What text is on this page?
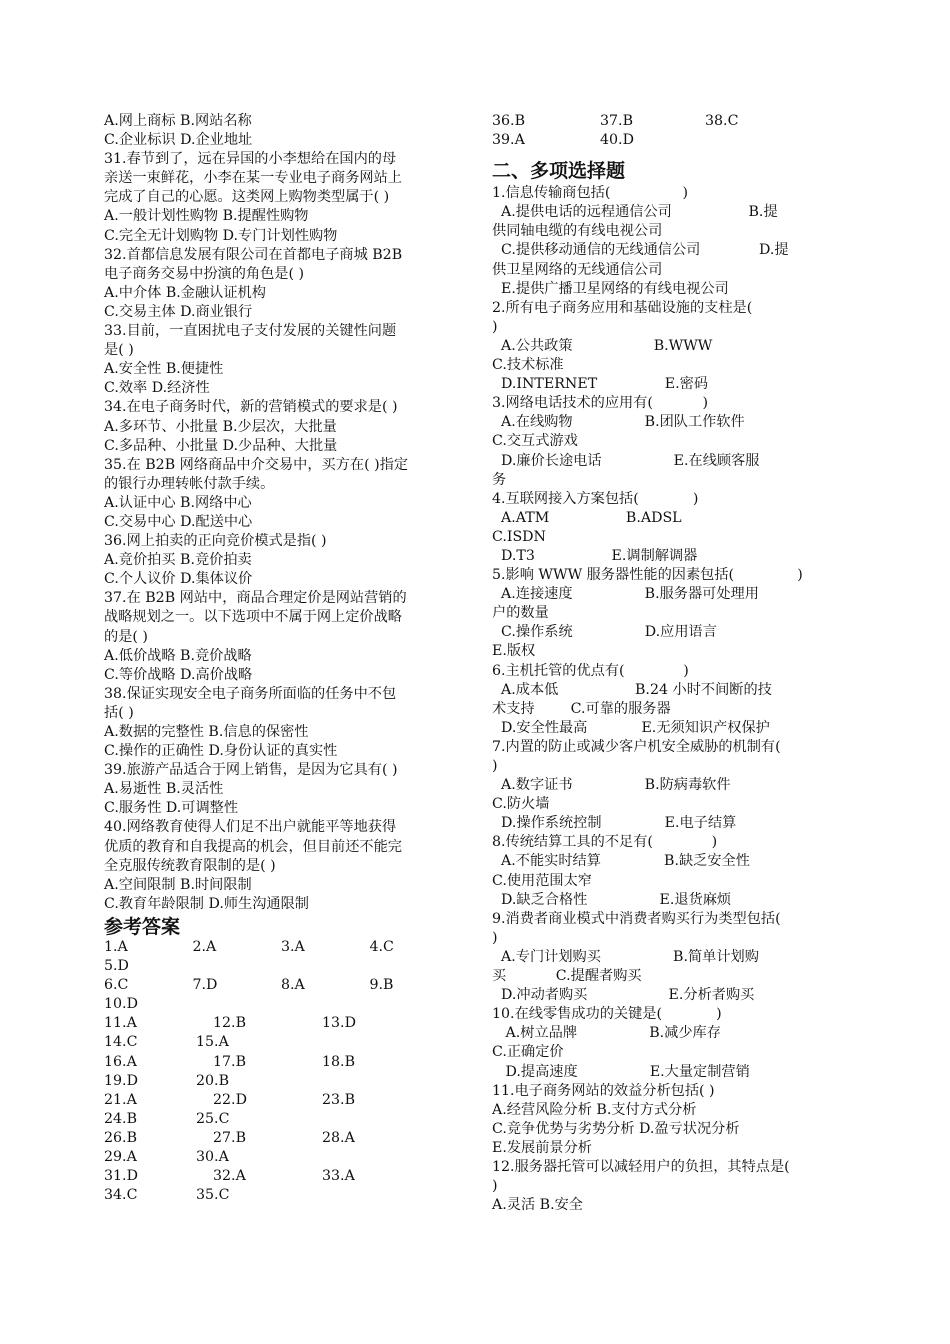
A.网上商标 B.网站名称
C.企业标识 D.企业地址
31.春节到了，远在异国的小李想给在国内的母
亲送一束鲜花，小李在某一专业电子商务网站上
完成了自己的心愿。这类网上购物类型属于( )
A.一般计划性购物 B.提醒性购物
C.完全无计划购物 D.专门计划性购物
32.首都信息发展有限公司在首都电子商城 B2B
电子商务交易中扮演的角色是( )
A.中介体 B.金融认证机构
C.交易主体 D.商业银行
33.目前，一直困扰电子支付发展的关键性问题
是( )
A.安全性 B.便捷性
C.效率 D.经济性
34.在电子商务时代，新的营销模式的要求是( )
A.多环节、小批量 B.少层次，大批量
C.多品种、小批量 D.少品种、大批量
35.在 B2B 网络商品中介交易中，买方在( )指定
的银行办理转帐付款手续。
A.认证中心 B.网络中心
C.交易中心 D.配送中心
36.网上拍卖的正向竞价模式是指( )
A.竞价拍买 B.竞价拍卖
C.个人议价 D.集体议价
37.在 B2B 网站中，商品合理定价是网站营销的
战略规划之一。以下选项中不属于网上定价战略
的是( )
A.低价战略 B.竞价战略
C.等价战略 D.高价战略
38.保证实现安全电子商务所面临的任务中不包
括( )
A.数据的完整性 B.信息的保密性
C.操作的正确性 D.身份认证的真实性
39.旅游产品适合于网上销售，是因为它具有( )
A.易逝性 B.灵活性
C.服务性 D.可调整性
40.网络教育使得人们足不出户就能平等地获得
优质的教育和自我提高的机会，但目前还不能完
全克服传统教育限制的是( )
A.空间限制 B.时间限制
C.教育年龄限制 D.师生沟通限制
参考答案
1.A	2.A	3.A	4.C
5.D
6.C	7.D	8.A	9.B
10.D
11.A	12.B	13.D
14.C	15.A
16.A	17.B	18.B
19.D	20.B
21.A	22.D	23.B
24.B	25.C
26.B	27.B	28.A
29.A	30.A
31.D	32.A	33.A
34.C	35.C
36.B	37.B	38.C
39.A	40.D
二、多项选择题
1.信息传输商包括(                )
A.提供电话的远程通信公司                 B.提
供同轴电缆的有线电视公司
C.提供移动通信的无线通信公司             D.提
供卫星网络的无线通信公司
E.提供广播卫星网络的有线电视公司
2.所有电子商务应用和基础设施的支柱是(
)
A.公共政策                  B.WWW
C.技术标准
D.INTERNET               E.密码
3.网络电话技术的应用有(           )
A.在线购物                B.团队工作软件
C.交互式游戏
D.廉价长途电话                E.在线顾客服
务
4.互联网接入方案包括(            )
A.ATM                 B.ADSL
C.ISDN
D.T3                 E.调制解调器
5.影响 WWW 服务器性能的因素包括(              )
A.连接速度                B.服务器可处理用
户的数量
C.操作系统                D.应用语言
E.版权
6.主机托管的优点有(             )
A.成本低                 B.24 小时不间断的技
术支持        C.可靠的服务器
D.安全性最高            E.无须知识产权保护
7.内置的防止或减少客户机安全威胁的机制有(
)
A.数字证书                B.防病毒软件
C.防火墙
D.操作系统控制              E.电子结算
8.传统结算工具的不足有(             )
A.不能实时结算              B.缺乏安全性
C.使用范围太窄
D.缺乏合格性                E.退货麻烦
9.消费者商业模式中消费者购买行为类型包括(
)
A.专门计划购买                B.简单计划购
买           C.提醒者购买
D.冲动者购买                  E.分析者购买
10.在线零售成功的关键是(            )
A.树立品牌                B.减少库存
C.正确定价
D.提高速度                E.大量定制营销
11.电子商务网站的效益分析包括( )
A.经营风险分析 B.支付方式分析
C.竞争优势与劣势分析 D.盈亏状况分析
E.发展前景分析
12.服务器托管可以减轻用户的负担，其特点是(
)
A.灵活 B.安全
